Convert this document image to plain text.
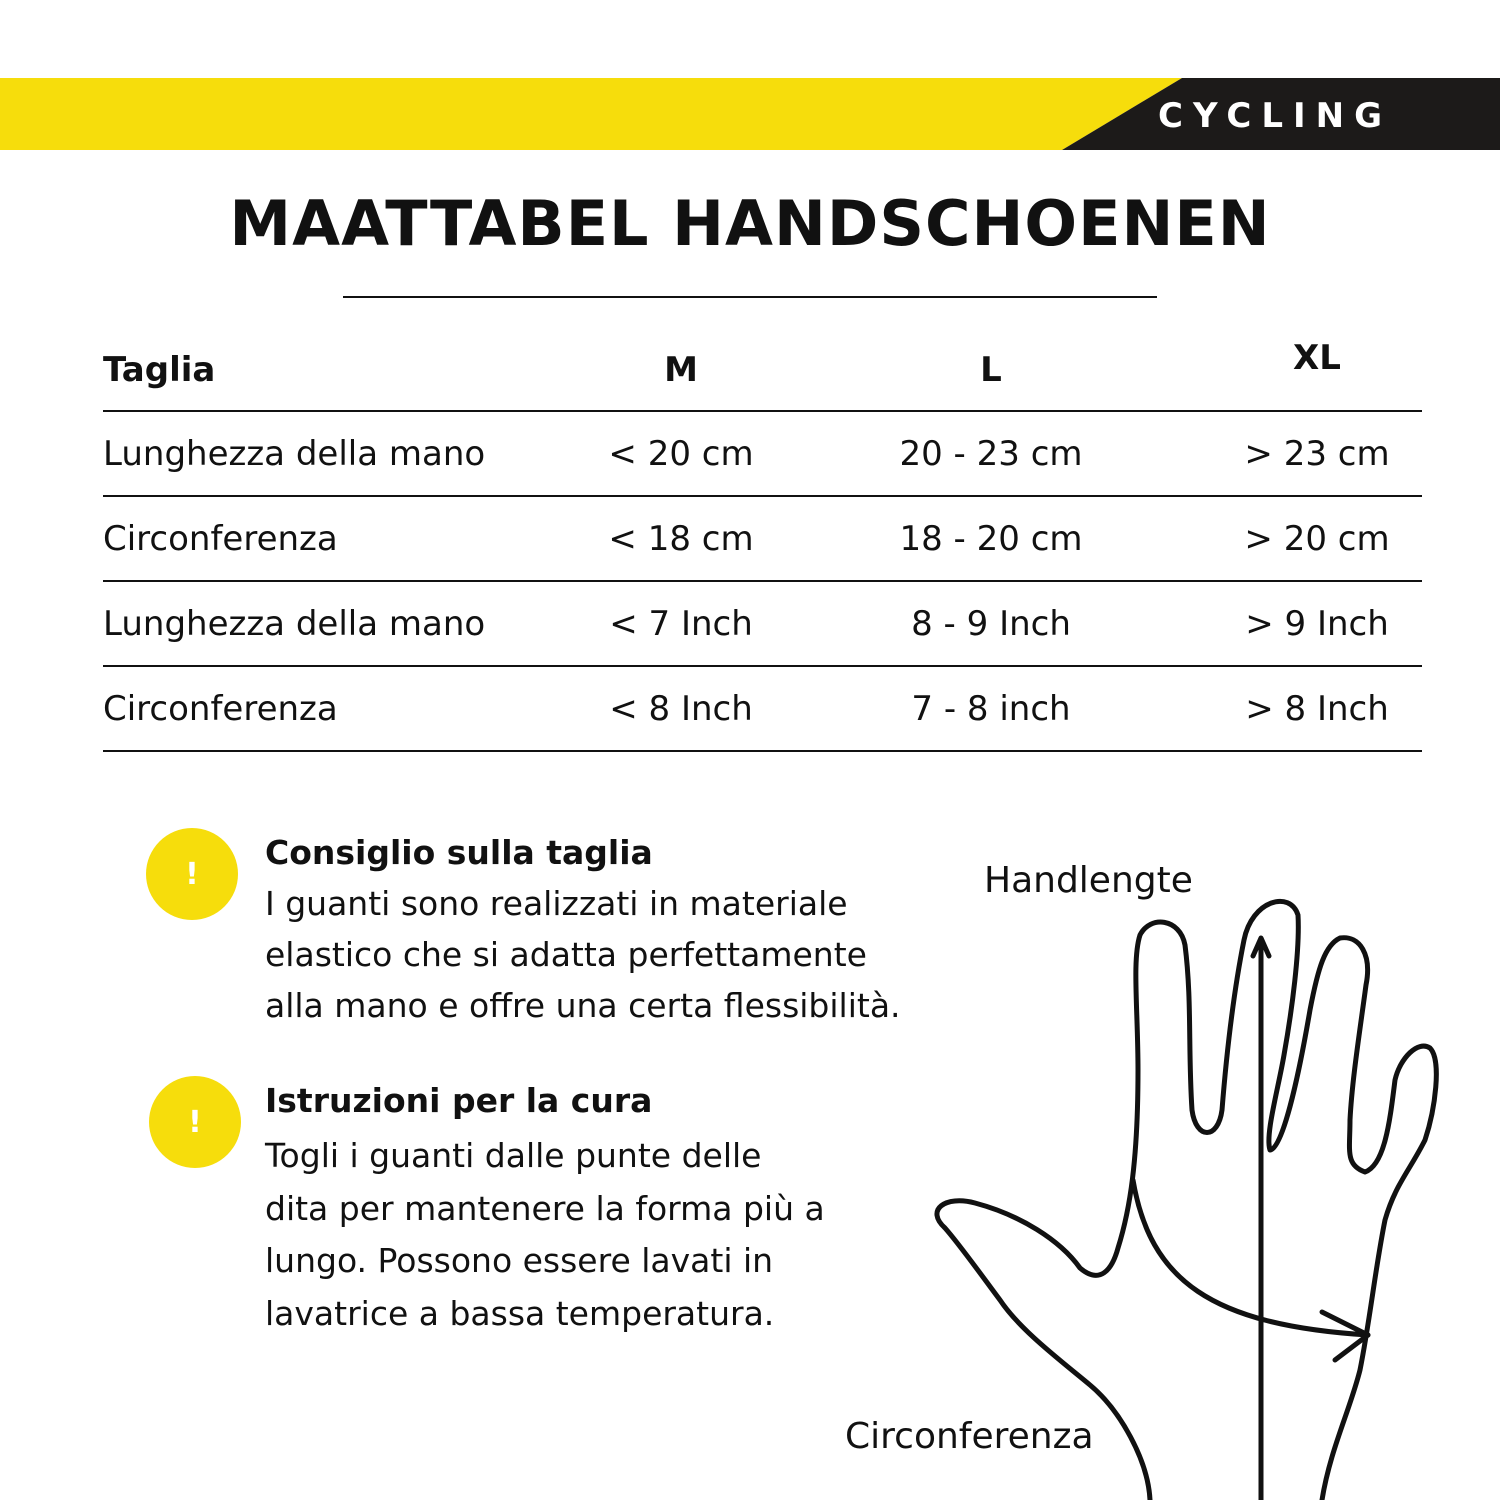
CYCLING
MAATTABEL HANDSCHOENEN
Taglia	M	L	XL
Lunghezza della mano	< 20 cm	20 - 23 cm	> 23 cm
Circonferenza	< 18 cm	18 - 20 cm	> 20 cm
Lunghezza della mano	< 7 Inch	8 - 9 Inch	> 9 Inch
Circonferenza	< 8 Inch	7 - 8 inch	> 8 Inch
!
Consiglio sulla taglia
I guanti sono realizzati in materiale
elastico che si adatta perfettamente
alla mano e offre una certa flessibilità.
!
Istruzioni per la cura
Togli i guanti dalle punte delle
dita per mantenere la forma più a
lungo. Possono essere lavati in
lavatrice a bassa temperatura.
Handlengte
Circonferenza
